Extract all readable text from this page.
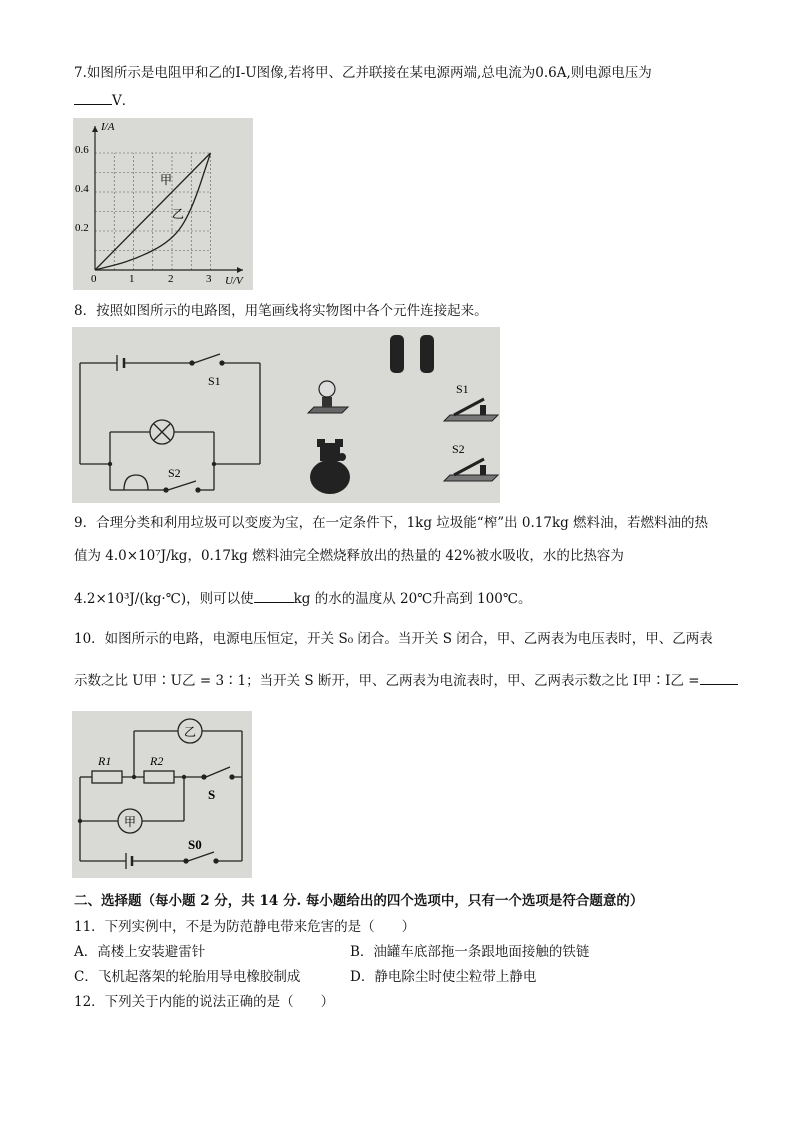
7.如图所示是电阻甲和乙的I-U图像,若将甲、乙并联接在某电源两端,总电流为0.6A,则电源电压为
V．
I/A
U/V
0.6
0.4
0.2
0	1	2	3
甲
乙
8．按照如图所示的电路图，用笔画线将实物图中各个元件连接起来。
S1
S2
S1
S2
9．合理分类和利用垃圾可以变废为宝，在一定条件下，1kg 垃圾能“榨”出 0.17kg 燃料油，若燃料油的热
值为 4.0×10⁷J/kg，0.17kg 燃料油完全燃烧释放出的热量的 42%被水吸收，水的比热容为
4.2×10³J/(kg·℃)，则可以使	kg 的水的温度从 20℃升高到 100℃。
10．如图所示的电路，电源电压恒定，开关 S₀ 闭合。当开关 S 闭合，甲、乙两表为电压表时，甲、乙两表
示数之比 U甲∶U乙 = 3∶1；当开关 S 断开，甲、乙两表为电流表时，甲、乙两表示数之比 I甲∶I乙 =
乙
甲
R1	R2
S
S0
二、选择题（每小题 2 分，共 14 分. 每小题给出的四个选项中，只有一个选项是符合题意的）
11．下列实例中，不是为防范静电带来危害的是（　　）
A．高楼上安装避雷针	B．油罐车底部拖一条跟地面接触的铁链
C．飞机起落架的轮胎用导电橡胶制成	D．静电除尘时使尘粒带上静电
12．下列关于内能的说法正确的是（　　）
